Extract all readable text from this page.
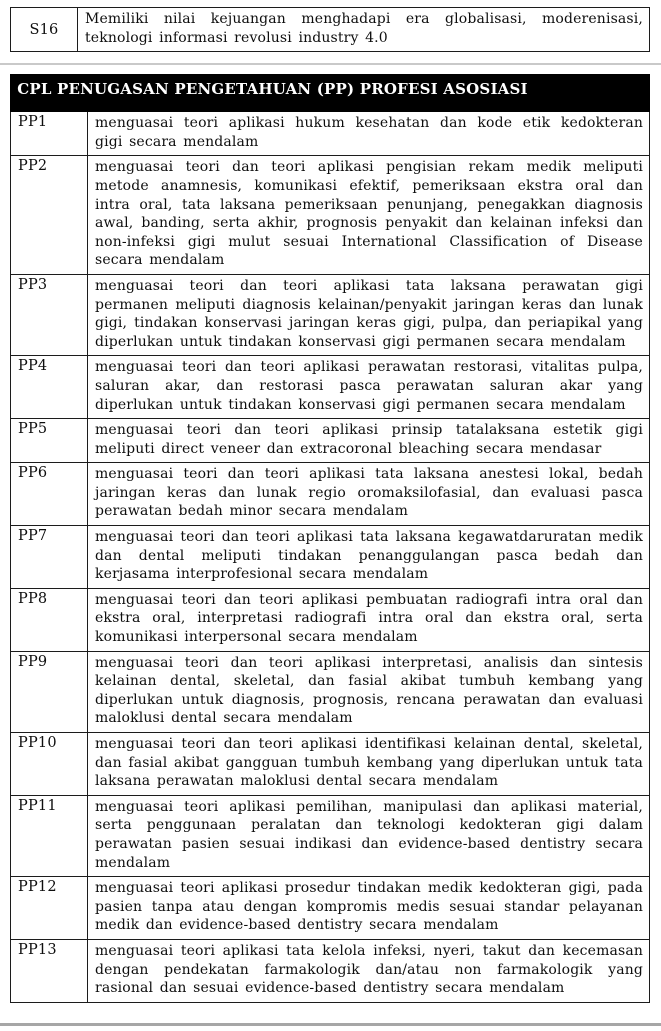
S16	Memiliki nilai kejuangan menghadapi era globalisasi, moderenisasi, teknologi informasi revolusi industry 4.0
CPL PENUGASAN PENGETAHUAN (PP) PROFESI ASOSIASI	
PP1	menguasai teori aplikasi hukum kesehatan dan kode etik kedokteran gigi secara mendalam
PP2	menguasai teori dan teori aplikasi pengisian rekam medik meliputi metode anamnesis, komunikasi efektif, pemeriksaan ekstra oral dan intra oral, tata laksana pemeriksaan penunjang, penegakkan diagnosis awal, banding, serta akhir, prognosis penyakit dan kelainan infeksi dan non-infeksi gigi mulut sesuai International Classification of Disease secara mendalam
PP3	menguasai teori dan teori aplikasi tata laksana perawatan gigi permanen meliputi diagnosis kelainan/penyakit jaringan keras dan lunak gigi, tindakan konservasi jaringan keras gigi, pulpa, dan periapikal yang diperlukan untuk tindakan konservasi gigi permanen secara mendalam
PP4	menguasai teori dan teori aplikasi perawatan restorasi, vitalitas pulpa, saluran akar, dan restorasi pasca perawatan saluran akar yang diperlukan untuk tindakan konservasi gigi permanen secara mendalam
PP5	menguasai teori dan teori aplikasi prinsip tatalaksana estetik gigi meliputi direct veneer dan extracoronal bleaching secara mendasar
PP6	menguasai teori dan teori aplikasi tata laksana anestesi lokal, bedah jaringan keras dan lunak regio oromaksilofasial, dan evaluasi pasca perawatan bedah minor secara mendalam
PP7	menguasai teori dan teori aplikasi tata laksana kegawatdaruratan medik dan dental meliputi tindakan penanggulangan pasca bedah dan kerjasama interprofesional secara mendalam
PP8	menguasai teori dan teori aplikasi pembuatan radiografi intra oral dan ekstra oral, interpretasi radiografi intra oral dan ekstra oral, serta komunikasi interpersonal secara mendalam
PP9	menguasai teori dan teori aplikasi interpretasi, analisis dan sintesis kelainan dental, skeletal, dan fasial akibat tumbuh kembang yang diperlukan untuk diagnosis, prognosis, rencana perawatan dan evaluasi maloklusi dental secara mendalam
PP10	menguasai teori dan teori aplikasi identifikasi kelainan dental, skeletal, dan fasial akibat gangguan tumbuh kembang yang diperlukan untuk tata laksana perawatan maloklusi dental secara mendalam
PP11	menguasai teori aplikasi pemilihan, manipulasi dan aplikasi material, serta penggunaan peralatan dan teknologi kedokteran gigi dalam perawatan pasien sesuai indikasi dan evidence-based dentistry secara mendalam
PP12	menguasai teori aplikasi prosedur tindakan medik kedokteran gigi, pada pasien tanpa atau dengan kompromis medis sesuai standar pelayanan medik dan evidence-based dentistry secara mendalam
PP13	menguasai teori aplikasi tata kelola infeksi, nyeri, takut dan kecemasan dengan pendekatan farmakologik dan/atau non farmakologik yang rasional dan sesuai evidence-based dentistry secara mendalam
